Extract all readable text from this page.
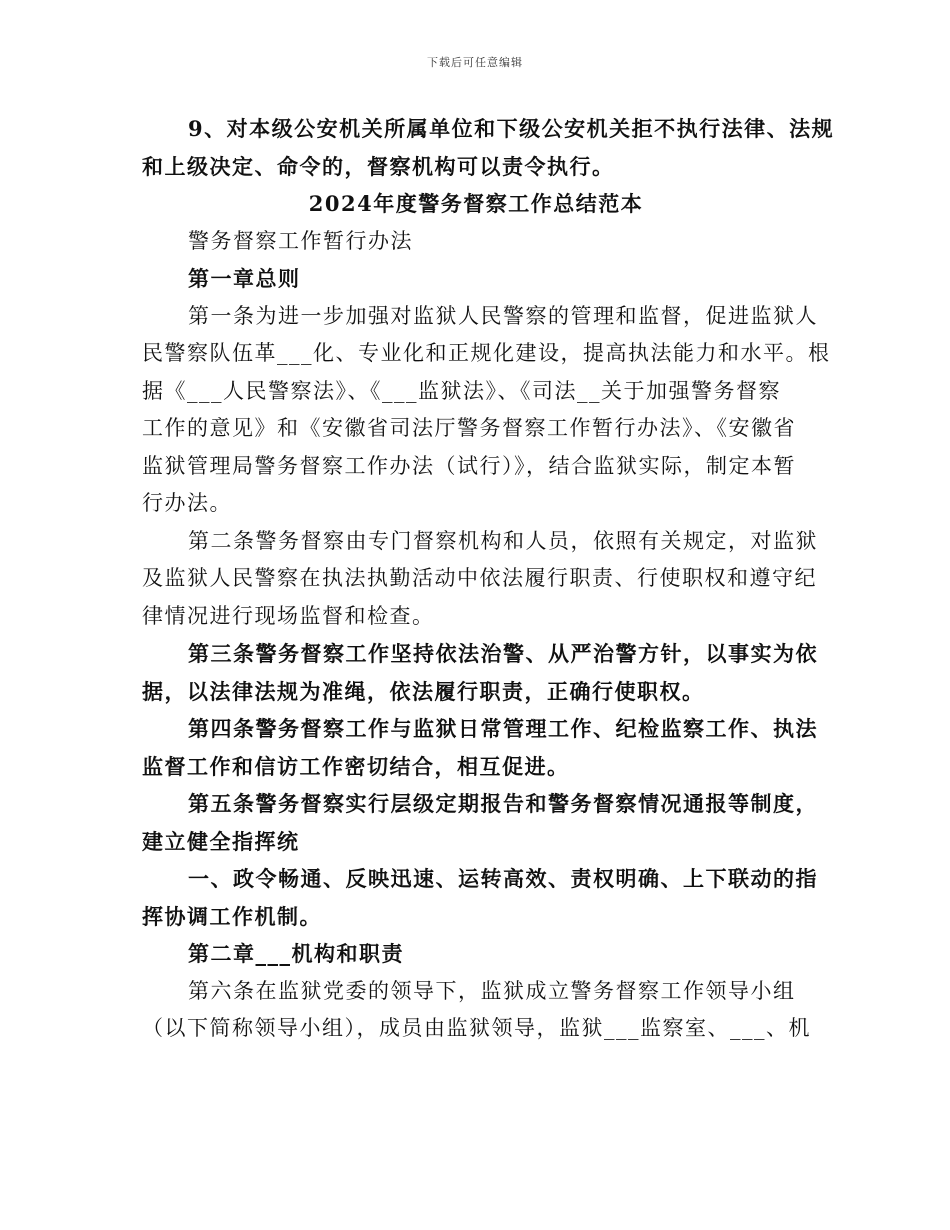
下载后可任意编辑
9、对本级公安机关所属单位和下级公安机关拒不执行法律、法规
和上级决定、命令的，督察机构可以责令执行。
2024年度警务督察工作总结范本
警务督察工作暂行办法
第一章总则
第一条为进一步加强对监狱人民警察的管理和监督，促进监狱人
民警察队伍革___化、专业化和正规化建设，提高执法能力和水平。根
据《___人民警察法》、《___监狱法》、《司法__关于加强警务督察
工作的意见》和《安徽省司法厅警务督察工作暂行办法》、《安徽省
监狱管理局警务督察工作办法（试行）》，结合监狱实际，制定本暂
行办法。
第二条警务督察由专门督察机构和人员，依照有关规定，对监狱
及监狱人民警察在执法执勤活动中依法履行职责、行使职权和遵守纪
律情况进行现场监督和检查。
第三条警务督察工作坚持依法治警、从严治警方针，以事实为依
据，以法律法规为准绳，依法履行职责，正确行使职权。
第四条警务督察工作与监狱日常管理工作、纪检监察工作、执法
监督工作和信访工作密切结合，相互促进。
第五条警务督察实行层级定期报告和警务督察情况通报等制度，
建立健全指挥统
一、政令畅通、反映迅速、运转高效、责权明确、上下联动的指
挥协调工作机制。
第二章___机构和职责
第六条在监狱党委的领导下，监狱成立警务督察工作领导小组
（以下简称领导小组），成员由监狱领导，监狱___监察室、___、机
